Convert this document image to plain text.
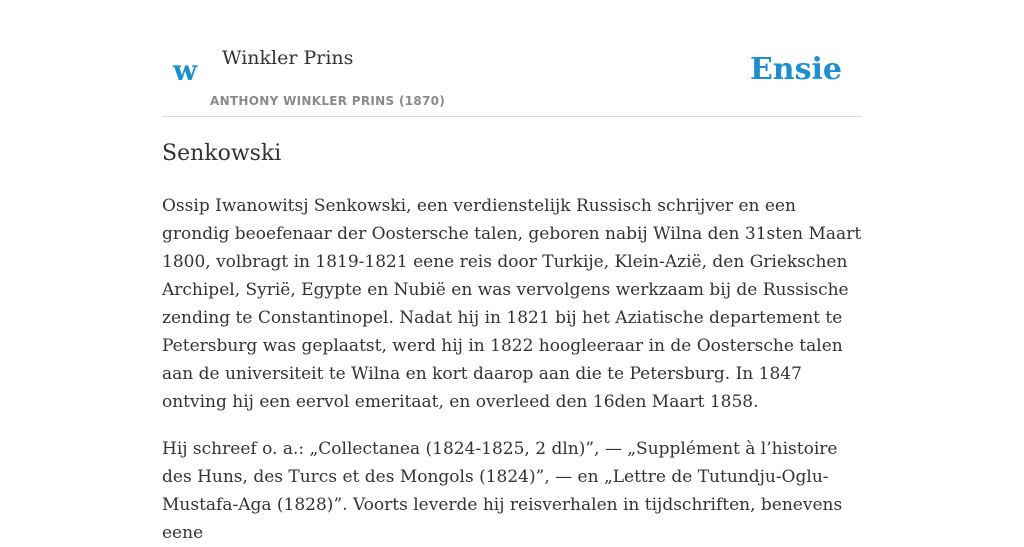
w Winkler Prins
ANTHONY WINKLER PRINS (1870)
Ensie
Senkowski

Ossip Iwanowitsj Senkowski, een verdienstelijk Russisch schrijver en een grondig beoefenaar der Oostersche talen, geboren nabij Wilna den 31sten Maart 1800, volbragt in 1819-1821 eene reis door Turkije, Klein-Azië, den Griekschen Archipel, Syrië, Egypte en Nubië en was vervolgens werkzaam bij de Russische zending te Constantinopel. Nadat hij in 1821 bij het Aziatische departement te Petersburg was geplaatst, werd hij in 1822 hoogleeraar in de Oostersche talen aan de universiteit te Wilna en kort daarop aan die te Petersburg. In 1847 ontving hij een eervol emeritaat, en overleed den 16den Maart 1858.

Hij schreef o. a.: „Collectanea (1824-1825, 2 dln)”, — „Supplément à l’histoire des Huns, des Turcs et des Mongols (1824)”, — en „Lettre de Tutundju-Oglu-Mustafa-Aga (1828)”. Voorts leverde hij reisverhalen in tijdschriften, benevens eene
